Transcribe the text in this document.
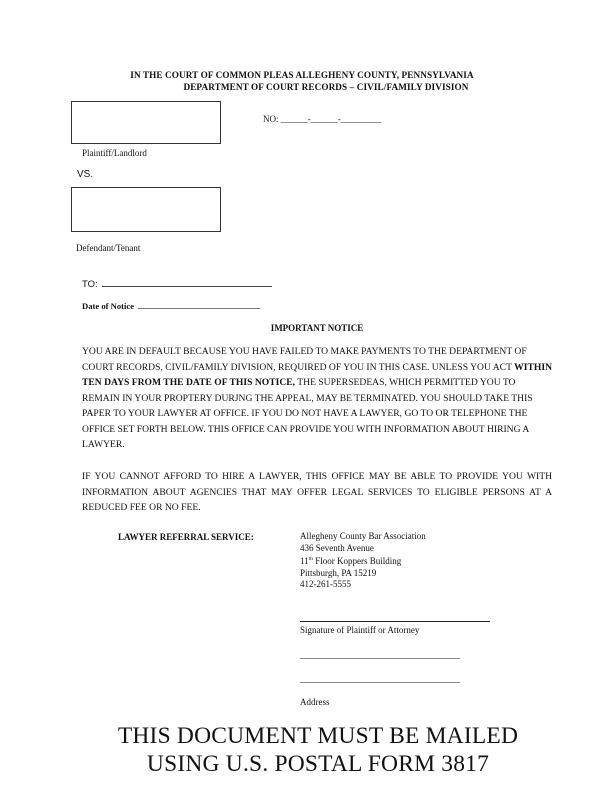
IN THE COURT OF COMMON PLEAS ALLEGHENY COUNTY, PENNSYLVANIA
DEPARTMENT OF COURT RECORDS – CIVIL/FAMILY DIVISION
NO: ______-______-_________
Plaintiff/Landlord
VS.
Defendant/Tenant
TO:
Date of Notice
IMPORTANT NOTICE
YOU ARE IN DEFAULT BECAUSE YOU HAVE FAILED TO MAKE PAYMENTS TO THE DEPARTMENT OF COURT RECORDS, CIVIL/FAMILY DIVISION, REQUIRED OF YOU IN THIS CASE. UNLESS YOU ACT WITHIN TEN DAYS FROM THE DATE OF THIS NOTICE, THE SUPERSEDEAS, WHICH PERMITTED YOU TO REMAIN IN YOUR PROPTERY DURJNG THE APPEAL, MAY BE TERMINATED. YOU SHOULD TAKE THIS PAPER TO YOUR LAWYER AT OFFICE. IF YOU DO NOT HAVE A LAWYER, GO TO OR TELEPHONE THE OFFICE SET FORTH BELOW. THIS OFFICE CAN PROVIDE YOU WITH INFORMATION ABOUT HIRING A LAWYER.
IF YOU CANNOT AFFORD TO HIRE A LAWYER, THIS OFFICE MAY BE ABLE TO PROVIDE YOU WITH INFORMATION ABOUT AGENCIES THAT MAY OFFER LEGAL SERVICES TO ELIGIBLE PERSONS AT A REDUCED FEE OR NO FEE.
LAWYER REFERRAL SERVICE:	Allegheny County Bar Association
436 Seventh Avenue
11th Floor Koppers Building
Pittsburgh, PA 15219
412-261-5555
Signature of Plaintiff or Attorney
Address
THIS DOCUMENT MUST BE MAILED
USING U.S. POSTAL FORM 3817
